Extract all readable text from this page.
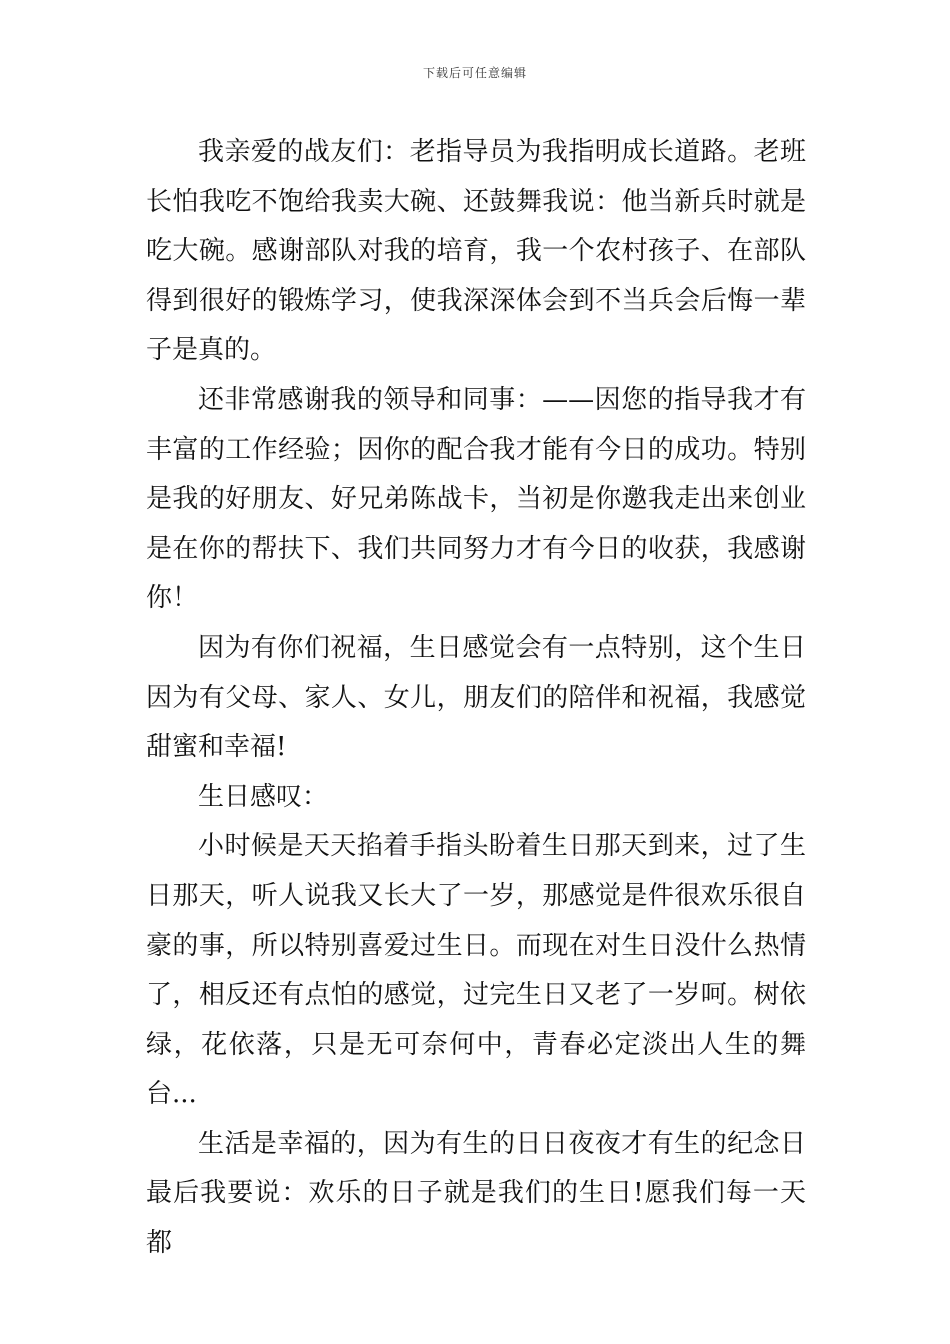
下载后可任意编辑

我亲爱的战友们：老指导员为我指明成长道路。老班长怕我吃不饱给我卖大碗、还鼓舞我说：他当新兵时就是吃大碗。感谢部队对我的培育，我一个农村孩子、在部队得到很好的锻炼学习，使我深深体会到不当兵会后悔一辈子是真的。

还非常感谢我的领导和同事：——因您的指导我才有丰富的工作经验；因你的配合我才能有今日的成功。特别是我的好朋友、好兄弟陈战卡，当初是你邀我走出来创业是在你的帮扶下、我们共同努力才有今日的收获，我感谢你！

因为有你们祝福，生日感觉会有一点特别，这个生日因为有父母、家人、女儿，朋友们的陪伴和祝福，我感觉甜蜜和幸福!

生日感叹：

小时候是天天掐着手指头盼着生日那天到来，过了生日那天，听人说我又长大了一岁，那感觉是件很欢乐很自豪的事，所以特别喜爱过生日。而现在对生日没什么热情了，相反还有点怕的感觉，过完生日又老了一岁呵。树依绿，花依落，只是无可奈何中，青春必定淡出人生的舞台...

生活是幸福的，因为有生的日日夜夜才有生的纪念日最后我要说：欢乐的日子就是我们的生日!愿我们每一天都
